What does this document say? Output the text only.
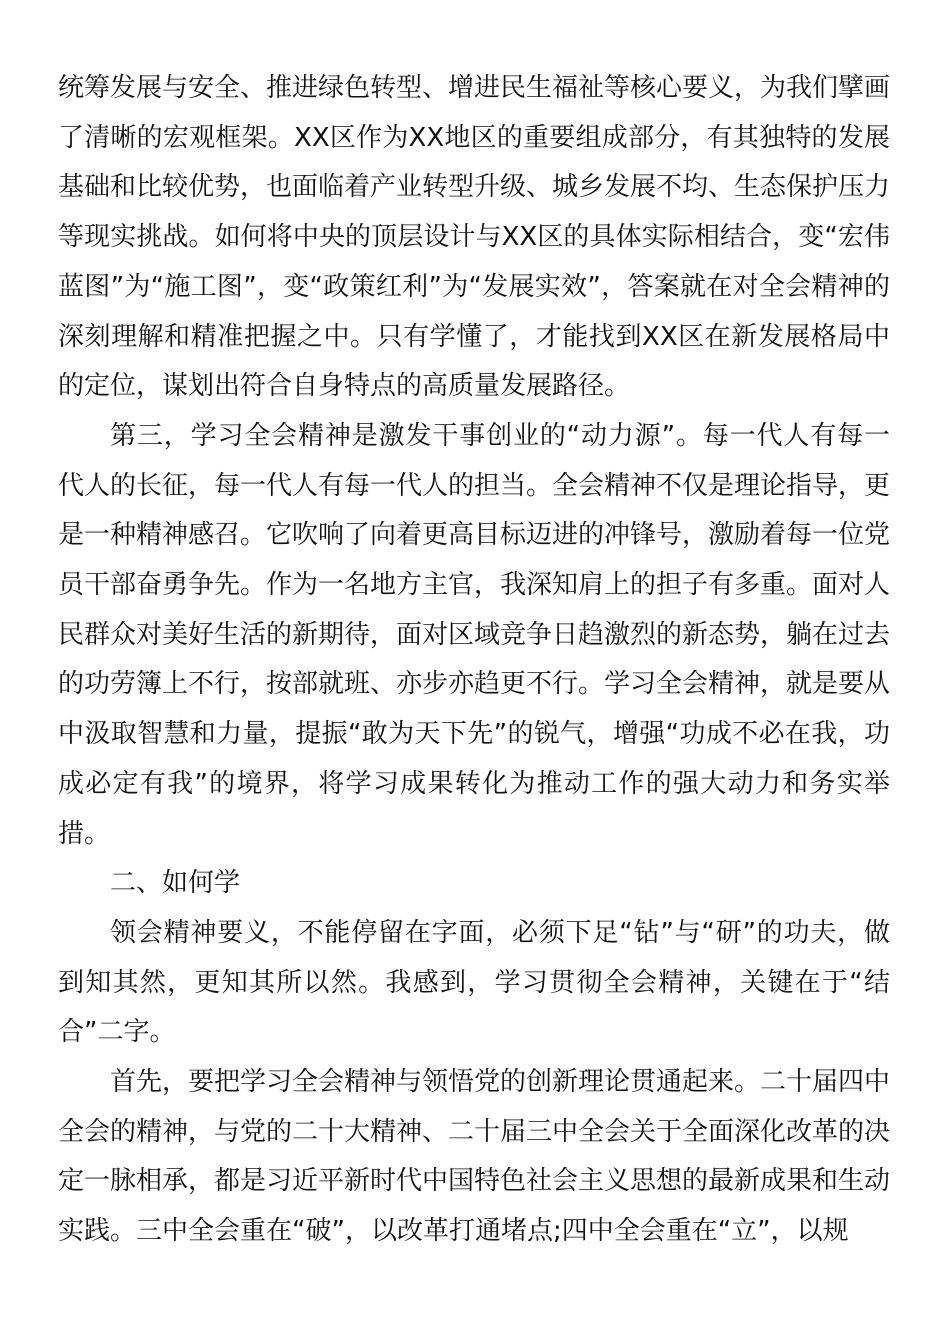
统筹发展与安全、推进绿色转型、增进民生福祉等核心要义，为我们擘画了清晰的宏观框架。XX区作为XX地区的重要组成部分，有其独特的发展基础和比较优势，也面临着产业转型升级、城乡发展不均、生态保护压力等现实挑战。如何将中央的顶层设计与XX区的具体实际相结合，变“宏伟蓝图”为“施工图”，变“政策红利”为“发展实效”，答案就在对全会精神的深刻理解和精准把握之中。只有学懂了，才能找到XX区在新发展格局中的定位，谋划出符合自身特点的高质量发展路径。

第三，学习全会精神是激发干事创业的“动力源”。每一代人有每一代人的长征，每一代人有每一代人的担当。全会精神不仅是理论指导，更是一种精神感召。它吹响了向着更高目标迈进的冲锋号，激励着每一位党员干部奋勇争先。作为一名地方主官，我深知肩上的担子有多重。面对人民群众对美好生活的新期待，面对区域竞争日趋激烈的新态势，躺在过去的功劳簿上不行，按部就班、亦步亦趋更不行。学习全会精神，就是要从中汲取智慧和力量，提振“敢为天下先”的锐气，增强“功成不必在我，功成必定有我”的境界，将学习成果转化为推动工作的强大动力和务实举措。

二、如何学

领会精神要义，不能停留在字面，必须下足“钻”与“研”的功夫，做到知其然，更知其所以然。我感到，学习贯彻全会精神，关键在于“结合”二字。

首先，要把学习全会精神与领悟党的创新理论贯通起来。二十届四中全会的精神，与党的二十大精神、二十届三中全会关于全面深化改革的决定一脉相承，都是习近平新时代中国特色社会主义思想的最新成果和生动实践。三中全会重在“破”，以改革打通堵点;四中全会重在“立”，以规
